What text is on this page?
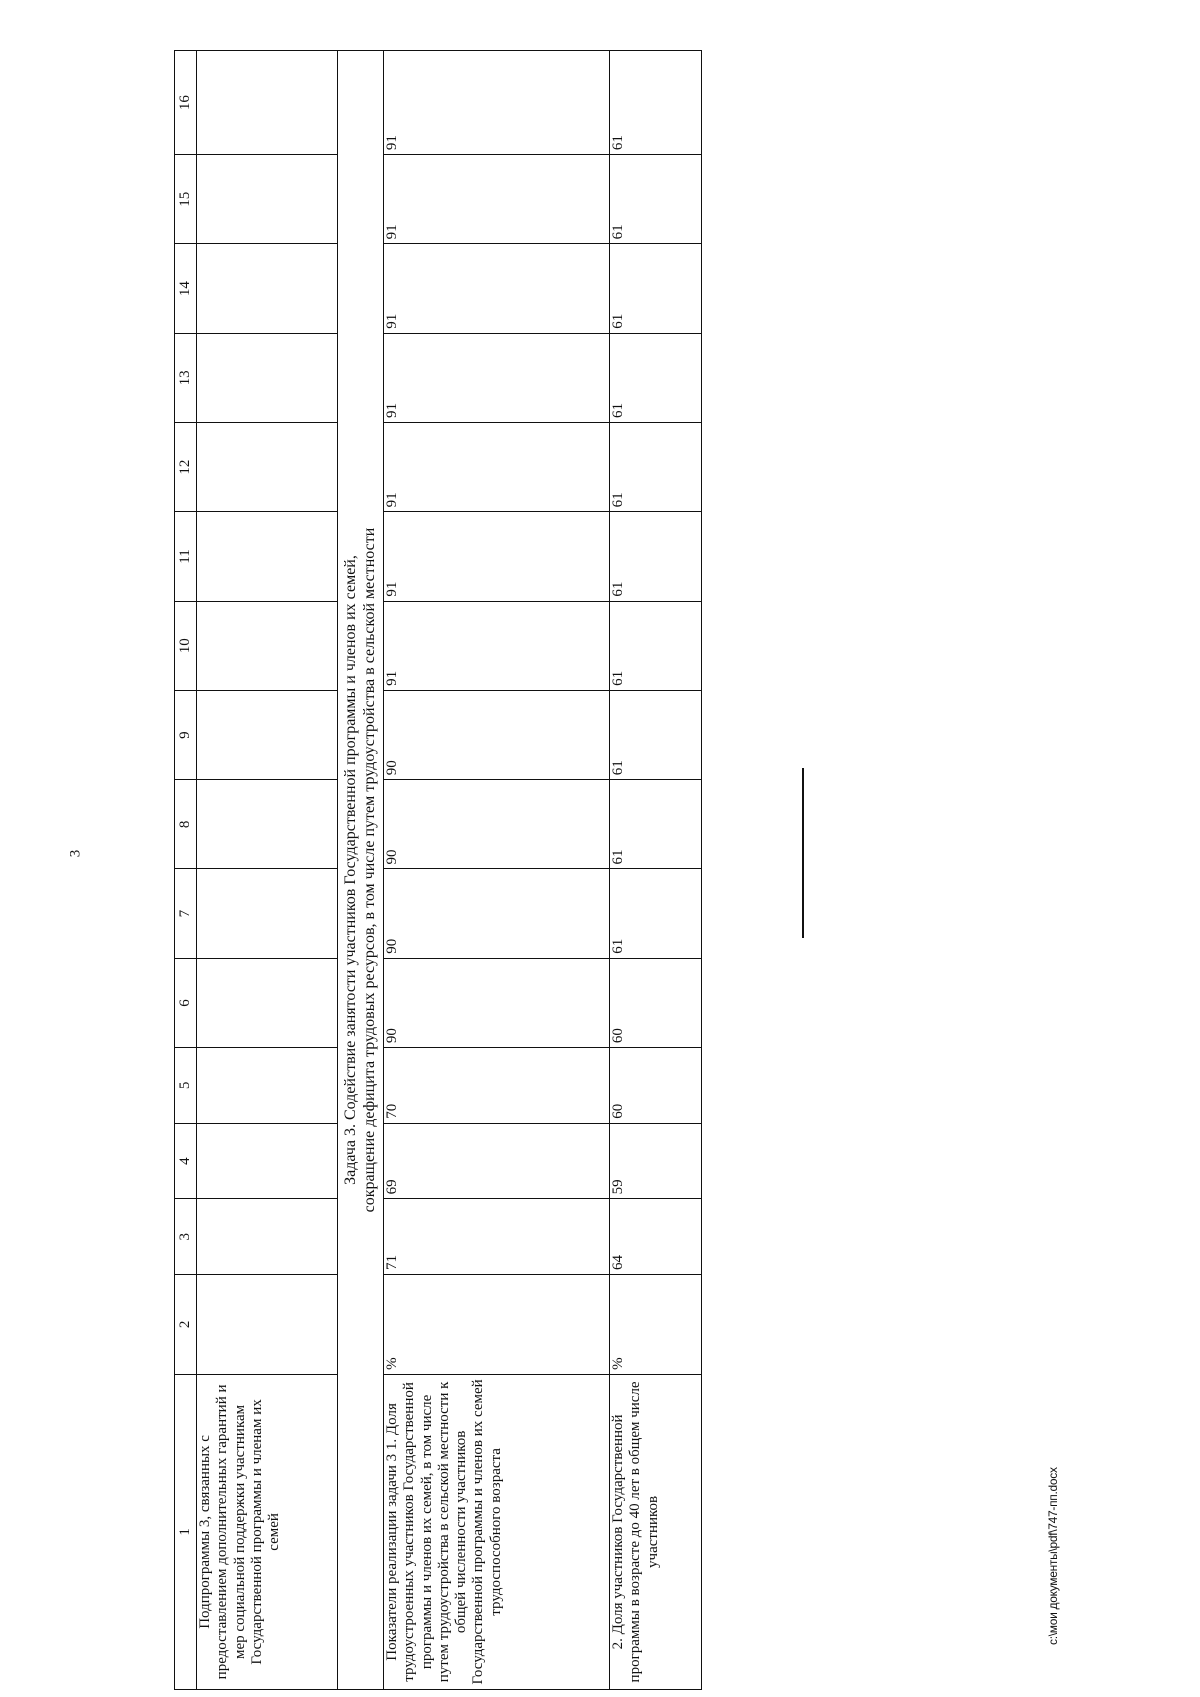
3
1	2	3	4	5	6	7	8	9	10	11	12	13	14	15	16
Подпрограммы 3, связанных с предоставлением дополнительных гарантий и мер социальной поддержки участникам Государственной программы и членам их семей															

Задача 3. Содействие занятости участников Государственной программы и членов их семей, сокращение дефицита трудовых ресурсов, в том числе путем трудоустройства в сельской местности															

Показатели реализации задачи 3 1. Доля трудоустроенных участников Государственной программы и членов их семей, в том числе путем трудоустройства в сельской местности к общей численности участников Государственной программы и членов их семей трудоспособного возраста	%	71	69	70	90	90	90	90	91	91	91	91	91	91	91
2. Доля участников Государственной программы в возрасте до 40 лет в общем числе участников	%	64	59	60	60	61	61	61	61	61	61	61	61	61	61
c:\мои документы\pdf\747-пп.docx
